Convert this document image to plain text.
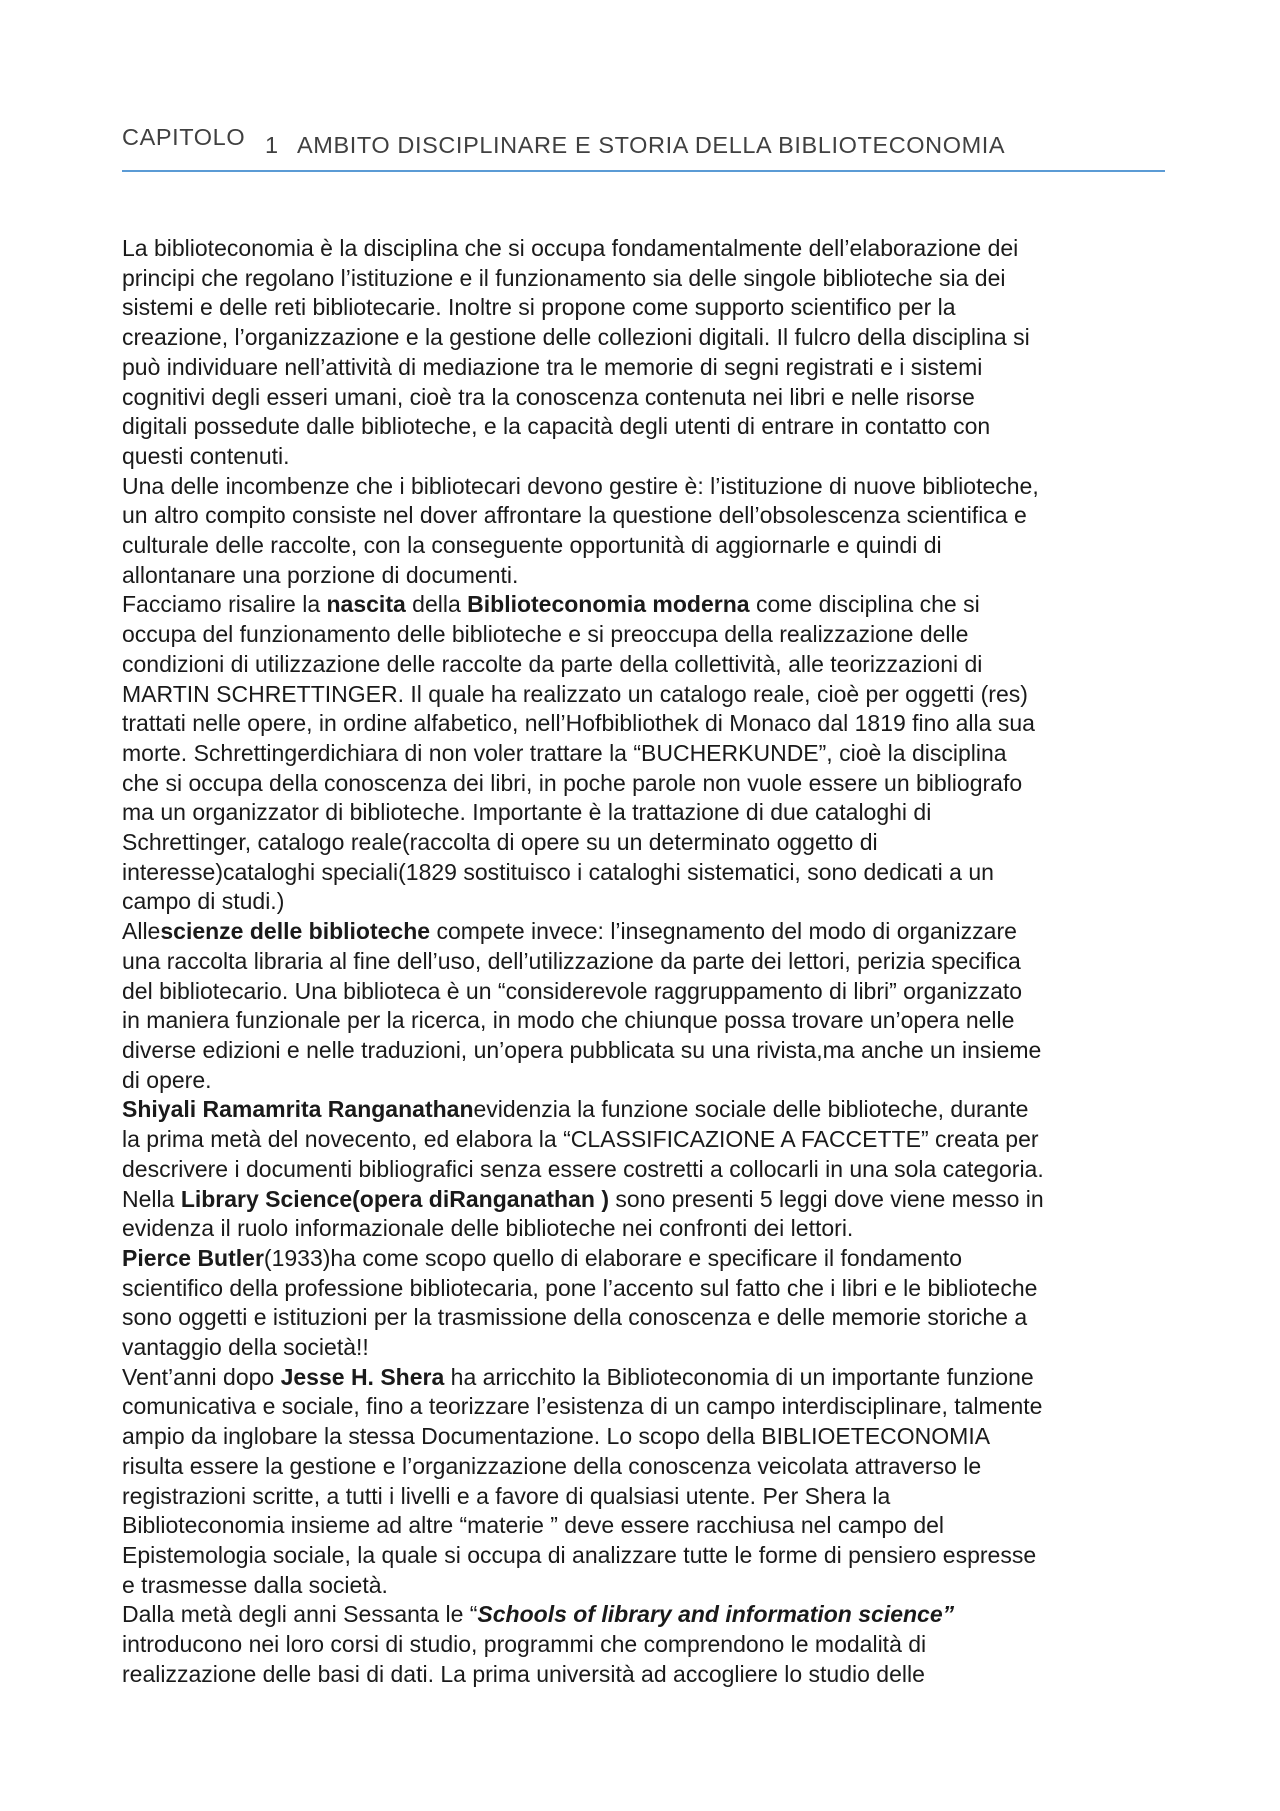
CAPITOLO 1 AMBITO DISCIPLINARE E STORIA DELLA BIBLIOTECONOMIA

La biblioteconomia è la disciplina che si occupa fondamentalmente dell’elaborazione dei
principi che regolano l’istituzione e il funzionamento sia delle singole biblioteche sia dei
sistemi e delle reti bibliotecarie. Inoltre si propone come supporto scientifico per la
creazione, l’organizzazione e la gestione delle collezioni digitali. Il fulcro della disciplina si
può individuare nell’attività di mediazione tra le memorie di segni registrati e i sistemi
cognitivi degli esseri umani, cioè tra la conoscenza contenuta nei libri e nelle risorse
digitali possedute dalle biblioteche, e la capacità degli utenti di entrare in contatto con
questi contenuti.

Una delle incombenze che i bibliotecari devono gestire è: l’istituzione di nuove biblioteche,
un altro compito consiste nel dover affrontare la questione dell’obsolescenza scientifica e
culturale delle raccolte, con la conseguente opportunità di aggiornarle e quindi di
allontanare una porzione di documenti.

Facciamo risalire la nascita della Biblioteconomia moderna come disciplina che si
occupa del funzionamento delle biblioteche e si preoccupa della realizzazione delle
condizioni di utilizzazione delle raccolte da parte della collettività, alle teorizzazioni di
MARTIN SCHRETTINGER. Il quale ha realizzato un catalogo reale, cioè per oggetti (res)
trattati nelle opere, in ordine alfabetico, nell’Hofbibliothek di Monaco dal 1819 fino alla sua
morte. Schrettingerdichiara di non voler trattare la “BUCHERKUNDE”, cioè la disciplina
che si occupa della conoscenza dei libri, in poche parole non vuole essere un bibliografo
ma un organizzator di biblioteche. Importante è la trattazione di due cataloghi di
Schrettinger, catalogo reale(raccolta di opere su un determinato oggetto di
interesse)cataloghi speciali(1829 sostituisco i cataloghi sistematici, sono dedicati a un
campo di studi.)

Allescienze delle biblioteche compete invece: l’insegnamento del modo di organizzare
una raccolta libraria al fine dell’uso, dell’utilizzazione da parte dei lettori, perizia specifica
del bibliotecario. Una biblioteca è un “considerevole raggruppamento di libri” organizzato
in maniera funzionale per la ricerca, in modo che chiunque possa trovare un’opera nelle
diverse edizioni e nelle traduzioni, un’opera pubblicata su una rivista,ma anche un insieme
di opere.

Shiyali Ramamrita Ranganathanevidenzia la funzione sociale delle biblioteche, durante
la prima metà del novecento, ed elabora la “CLASSIFICAZIONE A FACCETTE” creata per
descrivere i documenti bibliografici senza essere costretti a collocarli in una sola categoria.
Nella Library Science(opera diRanganathan ) sono presenti 5 leggi dove viene messo in
evidenza il ruolo informazionale delle biblioteche nei confronti dei lettori.

Pierce Butler(1933)ha come scopo quello di elaborare e specificare il fondamento
scientifico della professione bibliotecaria, pone l’accento sul fatto che i libri e le biblioteche
sono oggetti e istituzioni per la trasmissione della conoscenza e delle memorie storiche a
vantaggio della società!!

Vent’anni dopo Jesse H. Shera ha arricchito la Biblioteconomia di un importante funzione
comunicativa e sociale, fino a teorizzare l’esistenza di un campo interdisciplinare, talmente
ampio da inglobare la stessa Documentazione. Lo scopo della BIBLIOETECONOMIA
risulta essere la gestione e l’organizzazione della conoscenza veicolata attraverso le
registrazioni scritte, a tutti i livelli e a favore di qualsiasi utente. Per Shera la
Biblioteconomia insieme ad altre “materie ” deve essere racchiusa nel campo del
Epistemologia sociale, la quale si occupa di analizzare tutte le forme di pensiero espresse
e trasmesse dalla società.

Dalla metà degli anni Sessanta le “Schools of library and information science”
introducono nei loro corsi di studio, programmi che comprendono le modalità di
realizzazione delle basi di dati. La prima università ad accogliere lo studio delle
